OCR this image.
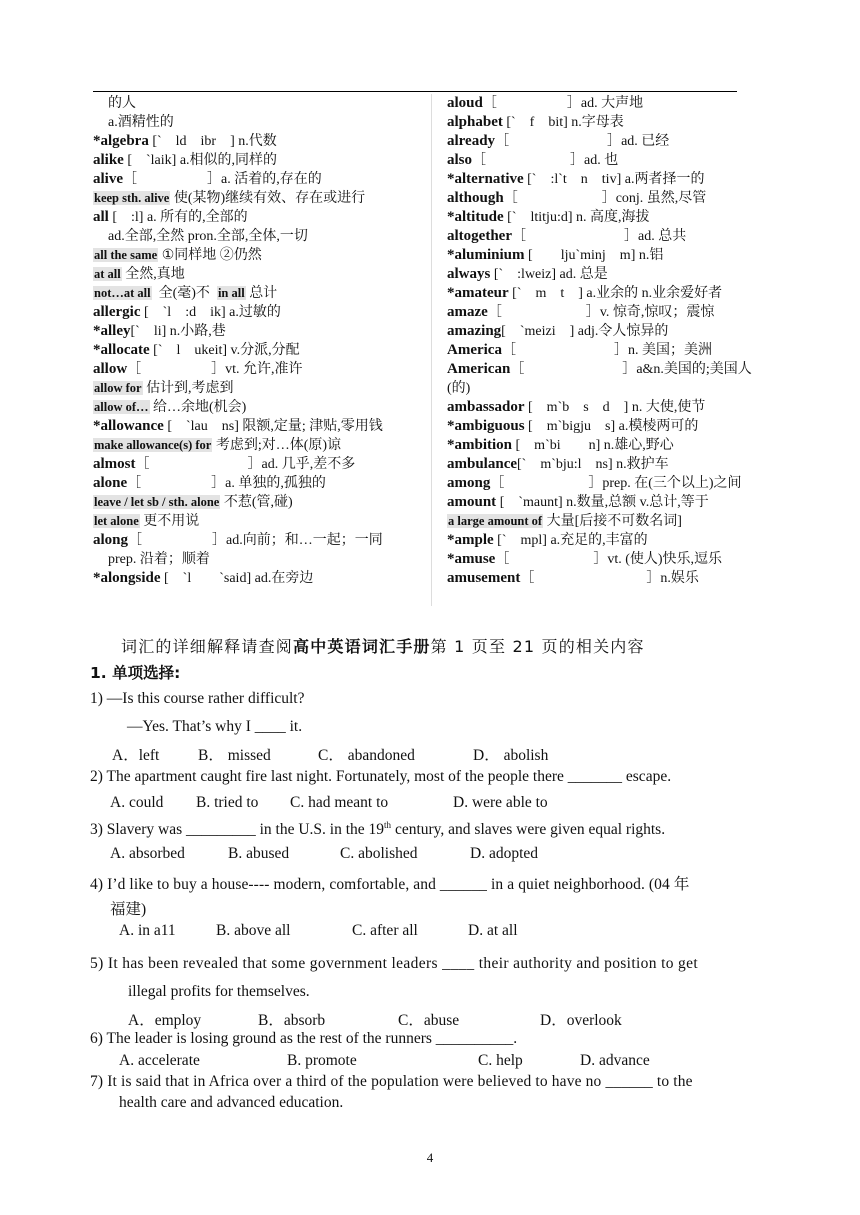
的人
a.酒精性的
*algebra [`    ld    ibr    ] n.代数
alike [    `laik] a.相似的,同样的
alive［                    ］a. 活着的,存在的
keep sth. alive 使(某物)继续有效、存在或进行
all [    :l] a. 所有的,全部的
ad.全部,全然 pron.全部,全体,一切
all the same ①同样地 ②仍然
at all 全然,真地
not…at all  全(毫)不  in all 总计
allergic [    `l    :d    ik] a.过敏的
*alley[`    li] n.小路,巷
*allocate [`    l    ukeit] v.分派,分配
allow［                    ］vt. 允许,准许
allow for 估计到,考虑到
allow of… 给…余地(机会)
*allowance [    `lau    ns] 限额,定量; 津贴,零用钱
make allowance(s) for 考虑到;对…体(原)谅
almost［                            ］ad. 几乎,差不多
alone［                    ］a. 单独的,孤独的
leave / let sb / sth. alone 不惹(管,碰)
let alone 更不用说
along［                    ］ad.向前；和…一起；一同
prep. 沿着；顺着
*alongside [    `l        `said] ad.在旁边
aloud［                    ］ad. 大声地
alphabet [`    f    bit] n.字母表
already［                            ］ad. 已经
also［                        ］ad. 也
*alternative [`    :l`t    n    tiv] a.两者择一的
although［                        ］conj. 虽然,尽管
*altitude [`    ltitju:d] n. 高度,海拔
altogether［                            ］ad. 总共
*aluminium [        lju`minj    m] n.铝
always [`    :lweiz] ad. 总是
*amateur [`    m    t    ] a.业余的 n.业余爱好者
amaze［                        ］v. 惊奇,惊叹；震惊
amazing[    `meizi    ] adj.令人惊异的
America［                            ］n. 美国；美洲
American［                            ］a&n.美国的;美国人(的)
ambassador [    m`b    s    d    ] n. 大使,使节
*ambiguous [    m`bigju    s] a.模棱两可的
*ambition [    m`bi        n] n.雄心,野心
ambulance[`    m`bju:l    ns] n.救护车
among［                        ］prep. 在(三个以上)之间
amount [    `maunt] n.数量,总额 v.总计,等于
a large amount of 大量[后接不可数名词]
*ample [`    mpl] a.充足的,丰富的
*amuse［                        ］vt. (使人)快乐,逗乐
amusement［                                ］n.娱乐
词汇的详细解释请查阅高中英语词汇手册第 1 页至 21 页的相关内容
1. 单项选择:
1) —Is this course rather difficult?
—Yes. That’s why I ____ it.
A．left B． missed	C． abandoned	D． abolish
2) The apartment caught fire last night. Fortunately, most of the people there _______ escape.
A. could B. tried to C. had meant to	D. were able to
3) Slavery was _________ in the U.S. in the 19th century, and slaves were given equal rights.
A. absorbed	B. abused	C. abolished	D. adopted
4) I’d like to buy a house---- modern, comfortable, and ______ in a quiet neighborhood. (04 年
福建)
A. in a11	B. above all	C. after all	D. at all
5) It has been revealed that some government leaders ____ their authority and position to get
illegal profits for themselves.
A．employ	B．absorb	C．abuse	D．overlook
6) The leader is losing ground as the rest of the runners __________.
A. accelerate	B. promote	C. help	D. advance
7) It is said that in Africa over a third of the population were believed to have no ______ to the
health care and advanced education.
4
